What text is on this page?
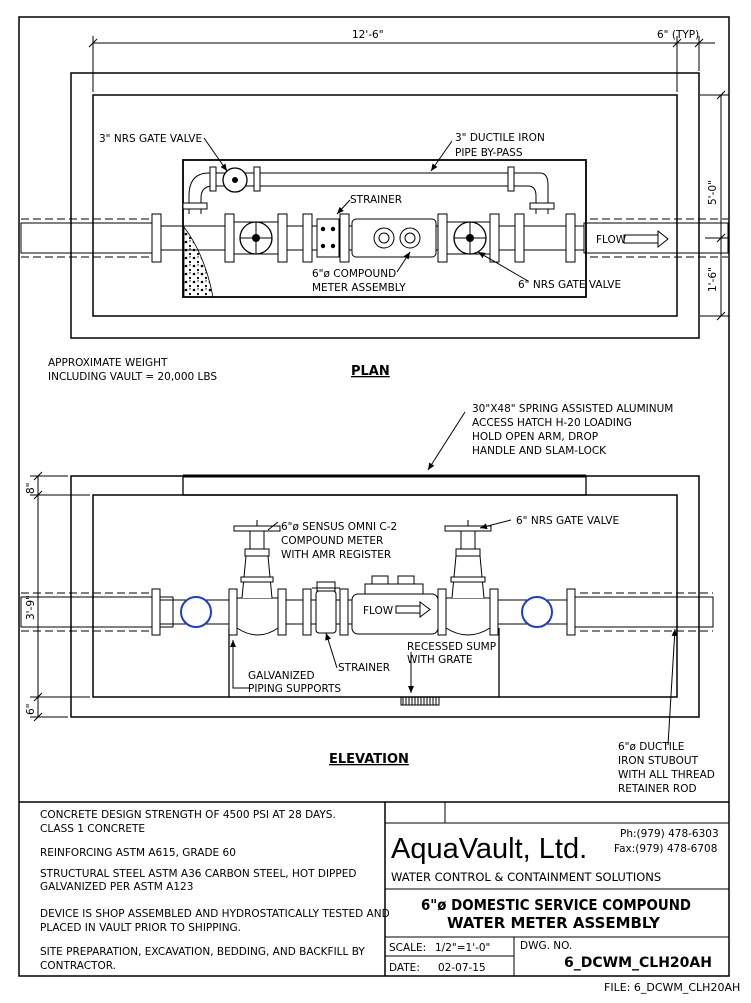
FLOW
3" NRS GATE VALVE	3" DUCTILE IRON
PIPE BY-PASS
STRAINER
6"ø COMPOUND
METER ASSEMBLY	6" NRS GATE VALVE
12'-6"	6" (TYP)
5'-0"
1'-6"
APPROXIMATE WEIGHT
INCLUDING VAULT = 20,000 LBS	PLAN
FLOW
30"X48" SPRING ASSISTED ALUMINUM
ACCESS HATCH H-20 LOADING
HOLD OPEN ARM, DROP
HANDLE AND SLAM-LOCK
6"ø SENSUS OMNI C-2
COMPOUND METER
WITH AMR REGISTER
6" NRS GATE VALVE
STRAINER
RECESSED SUMP
WITH GRATE
GALVANIZED
PIPING SUPPORTS
6"ø DUCTILE
IRON STUBOUT
WITH ALL THREAD
RETAINER ROD
8"
3'-9"
6"
ELEVATION
CONCRETE DESIGN STRENGTH OF 4500 PSI AT 28 DAYS.
CLASS 1 CONCRETE
REINFORCING ASTM A615, GRADE 60
STRUCTURAL STEEL ASTM A36 CARBON STEEL, HOT DIPPED
GALVANIZED PER ASTM A123
DEVICE IS SHOP ASSEMBLED AND HYDROSTATICALLY TESTED AND
PLACED IN VAULT PRIOR TO SHIPPING.
SITE PREPARATION, EXCAVATION, BEDDING, AND BACKFILL BY
CONTRACTOR.
AquaVault, Ltd.	Ph:(979) 478-6303
Fax:(979) 478-6708
WATER CONTROL & CONTAINMENT SOLUTIONS
6"ø DOMESTIC SERVICE COMPOUND
WATER METER ASSEMBLY
SCALE: 1/2"=1'-0"
DATE: 02-07-15
DWG. NO.
6_DCWM_CLH20AH
FILE: 6_DCWM_CLH20AH
